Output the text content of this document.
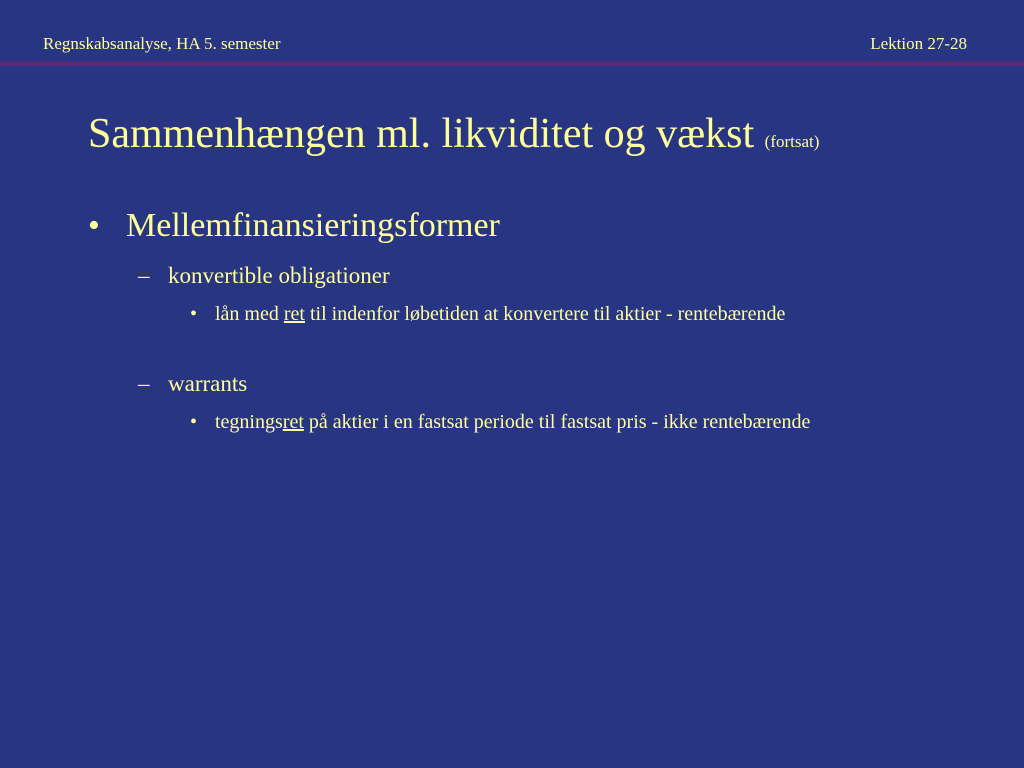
Regnskabsanalyse, HA 5. semester	Lektion 27-28
Sammenhængen ml. likviditet og vækst (fortsat)
• Mellemfinansieringsformer
– konvertible obligationer
• lån med ret til indenfor løbetiden at konvertere til aktier - rentebærende
– warrants
• tegningsret på aktier i en fastsat periode til fastsat pris - ikke rentebærende
